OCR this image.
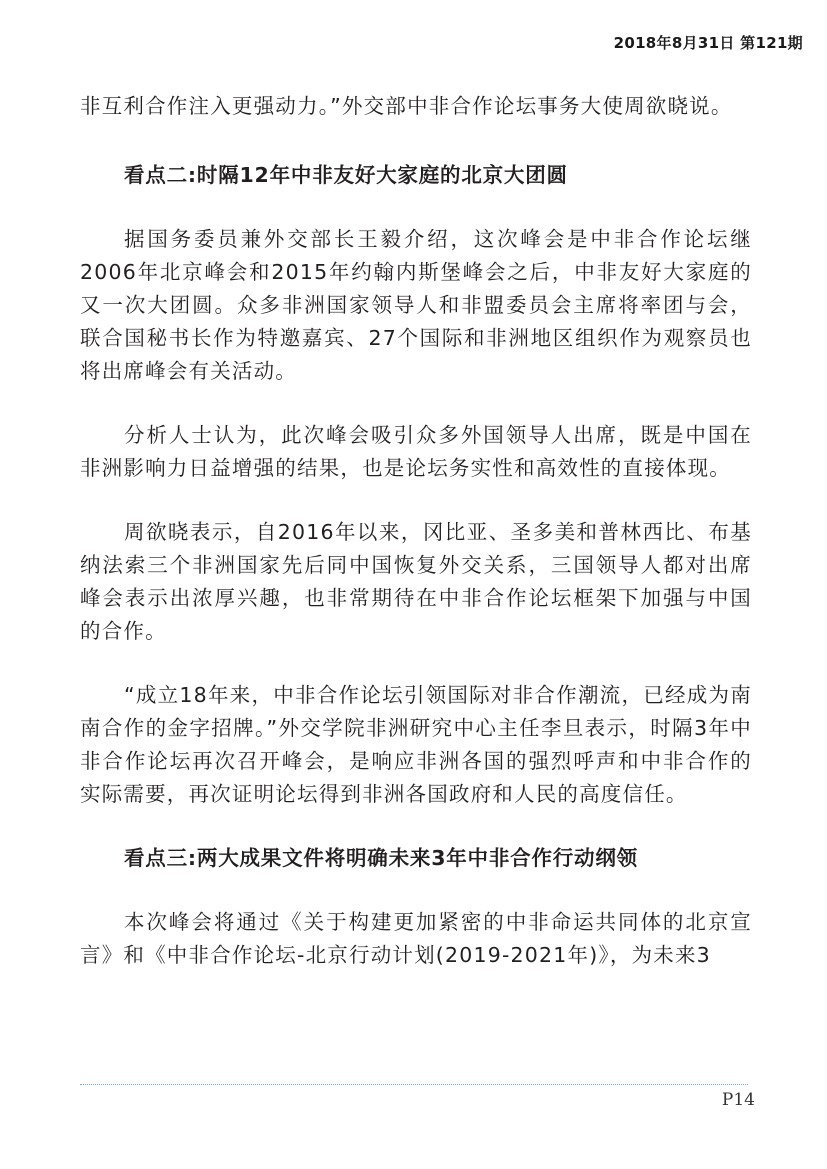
2018年8月31日 第121期

非互利合作注入更强动力。”外交部中非合作论坛事务大使周欲晓说。

看点二:时隔12年中非友好大家庭的北京大团圆

据国务委员兼外交部长王毅介绍，这次峰会是中非合作论坛继2006年北京峰会和2015年约翰内斯堡峰会之后，中非友好大家庭的又一次大团圆。众多非洲国家领导人和非盟委员会主席将率团与会，联合国秘书长作为特邀嘉宾、27个国际和非洲地区组织作为观察员也将出席峰会有关活动。

分析人士认为，此次峰会吸引众多外国领导人出席，既是中国在非洲影响力日益增强的结果，也是论坛务实性和高效性的直接体现。

周欲晓表示，自2016年以来，冈比亚、圣多美和普林西比、布基纳法索三个非洲国家先后同中国恢复外交关系，三国领导人都对出席峰会表示出浓厚兴趣，也非常期待在中非合作论坛框架下加强与中国的合作。

“成立18年来，中非合作论坛引领国际对非合作潮流，已经成为南南合作的金字招牌。”外交学院非洲研究中心主任李旦表示，时隔3年中非合作论坛再次召开峰会，是响应非洲各国的强烈呼声和中非合作的实际需要，再次证明论坛得到非洲各国政府和人民的高度信任。

看点三:两大成果文件将明确未来3年中非合作行动纲领

本次峰会将通过《关于构建更加紧密的中非命运共同体的北京宣言》和《中非合作论坛-北京行动计划(2019-2021年)》，为未来3

P14
